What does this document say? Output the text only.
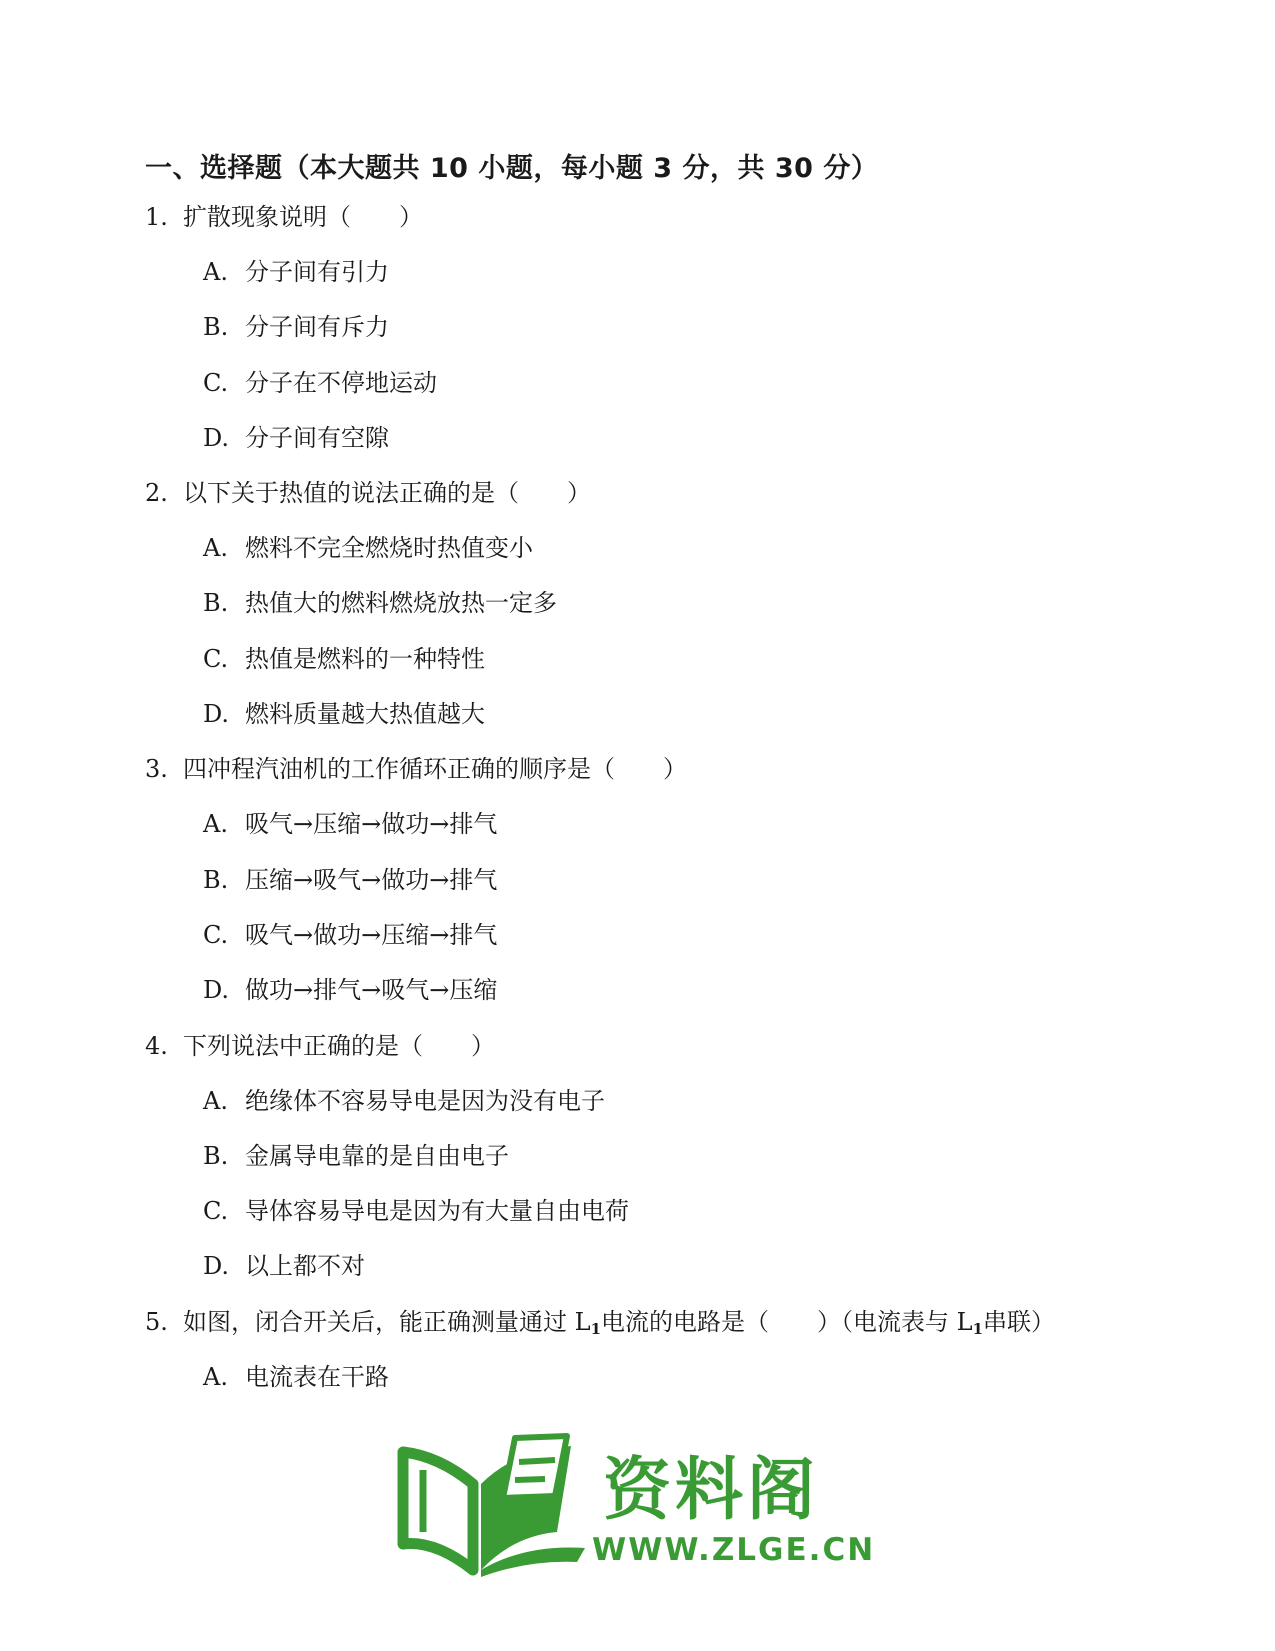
一、选择题（本大题共 10 小题，每小题 3 分，共 30 分）
1. 扩散现象说明（　　）
A. 分子间有引力
B. 分子间有斥力
C. 分子在不停地运动
D. 分子间有空隙
2. 以下关于热值的说法正确的是（　　）
A. 燃料不完全燃烧时热值变小
B. 热值大的燃料燃烧放热一定多
C. 热值是燃料的一种特性
D. 燃料质量越大热值越大
3. 四冲程汽油机的工作循环正确的顺序是（　　）
A. 吸气→压缩→做功→排气
B. 压缩→吸气→做功→排气
C. 吸气→做功→压缩→排气
D. 做功→排气→吸气→压缩
4. 下列说法中正确的是（　　）
A. 绝缘体不容易导电是因为没有电子
B. 金属导电靠的是自由电子
C. 导体容易导电是因为有大量自由电荷
D. 以上都不对
5. 如图，闭合开关后，能正确测量通过 $L_1$电流的电路是（　　）（电流表与 $L_1$串联）
A. 电流表在干路
资料阁
WWW.ZLGE.CN
